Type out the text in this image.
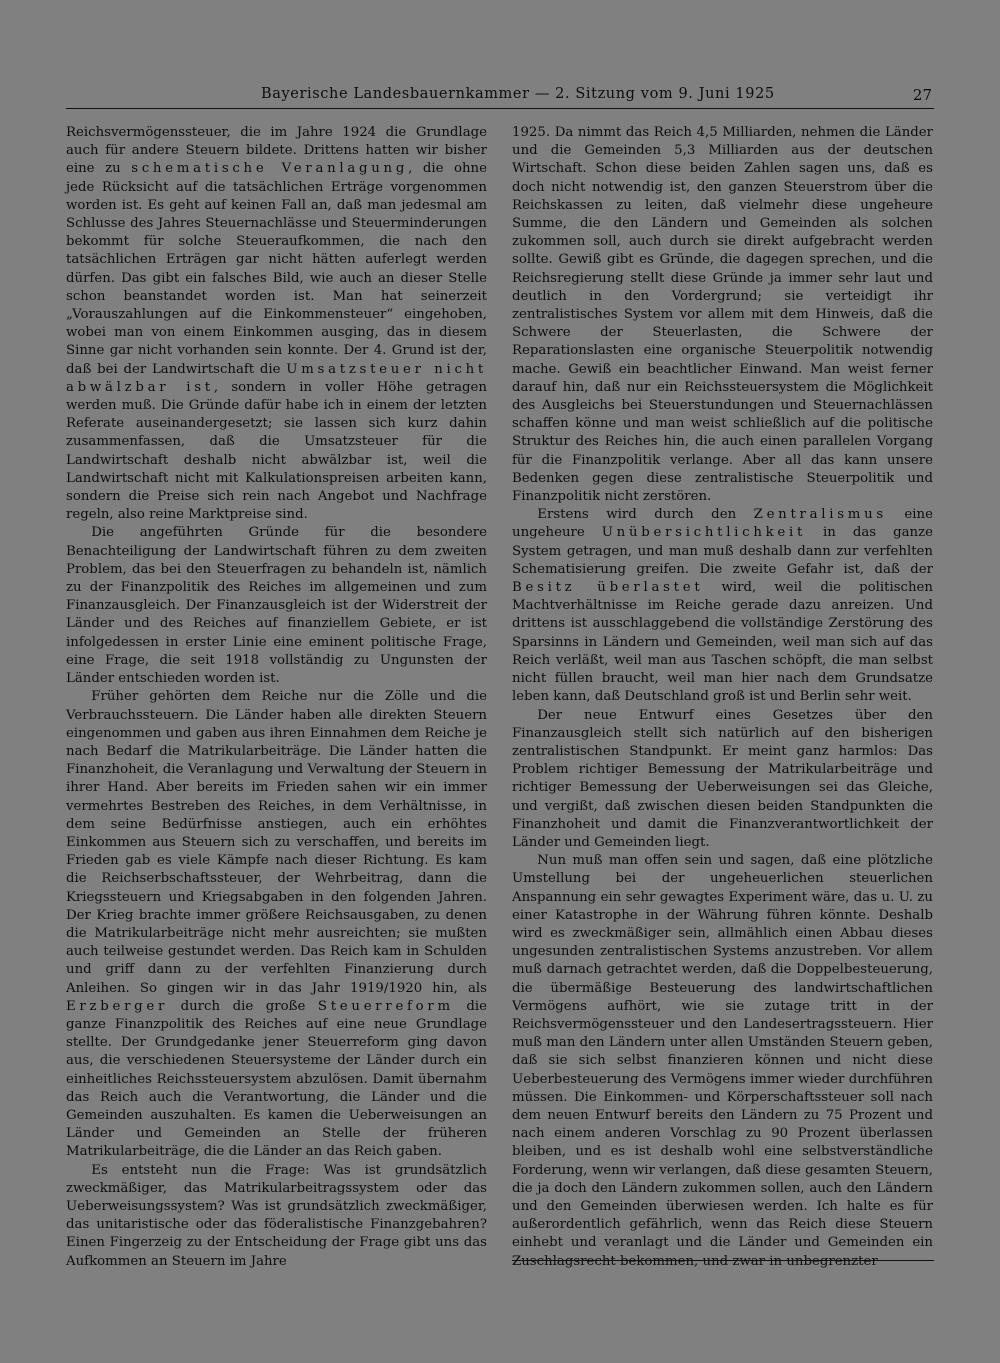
Bayerische Landesbauernkammer — 2. Sitzung vom 9. Juni 1925	27

Reichsvermögenssteuer, die im Jahre 1924 die Grundlage auch für andere Steuern bildete. Drittens hatten wir bisher eine zu schematische Veranlagung, die ohne jede Rücksicht auf die tatsächlichen Erträge vorgenommen worden ist. Es geht auf keinen Fall an, daß man jedesmal am Schlusse des Jahres Steuernachlässe und Steuerminderungen bekommt für solche Steueraufkommen, die nach den tatsächlichen Erträgen gar nicht hätten auferlegt werden dürfen. Das gibt ein falsches Bild, wie auch an dieser Stelle schon beanstandet worden ist. Man hat seinerzeit „Vorauszahlungen auf die Einkommensteuer“ eingehoben, wobei man von einem Einkommen ausging, das in diesem Sinne gar nicht vorhanden sein konnte. Der 4. Grund ist der, daß bei der Landwirtschaft die Umsatzsteuer nicht abwälzbar ist, sondern in voller Höhe getragen werden muß. Die Gründe dafür habe ich in einem der letzten Referate auseinandergesetzt; sie lassen sich kurz dahin zusammenfassen, daß die Umsatzsteuer für die Landwirtschaft deshalb nicht abwälzbar ist, weil die Landwirtschaft nicht mit Kalkulationspreisen arbeiten kann, sondern die Preise sich rein nach Angebot und Nachfrage regeln, also reine Marktpreise sind.

Die angeführten Gründe für die besondere Benachteiligung der Landwirtschaft führen zu dem zweiten Problem, das bei den Steuerfragen zu behandeln ist, nämlich zu der Finanzpolitik des Reiches im allgemeinen und zum Finanzausgleich. Der Finanzausgleich ist der Widerstreit der Länder und des Reiches auf finanziellem Gebiete, er ist infolgedessen in erster Linie eine eminent politische Frage, eine Frage, die seit 1918 vollständig zu Ungunsten der Länder entschieden worden ist.

Früher gehörten dem Reiche nur die Zölle und die Verbrauchssteuern. Die Länder haben alle direkten Steuern eingenommen und gaben aus ihren Einnahmen dem Reiche je nach Bedarf die Matrikularbeiträge. Die Länder hatten die Finanzhoheit, die Veranlagung und Verwaltung der Steuern in ihrer Hand. Aber bereits im Frieden sahen wir ein immer vermehrtes Bestreben des Reiches, in dem Verhältnisse, in dem seine Bedürfnisse anstiegen, auch ein erhöhtes Einkommen aus Steuern sich zu verschaffen, und bereits im Frieden gab es viele Kämpfe nach dieser Richtung. Es kam die Reichserbschaftssteuer, der Wehrbeitrag, dann die Kriegssteuern und Kriegsabgaben in den folgenden Jahren. Der Krieg brachte immer größere Reichsausgaben, zu denen die Matrikularbeiträge nicht mehr ausreichten; sie mußten auch teilweise gestundet werden. Das Reich kam in Schulden und griff dann zu der verfehlten Finanzierung durch Anleihen. So gingen wir in das Jahr 1919/1920 hin, als Erzberger durch die große Steuerreform die ganze Finanzpolitik des Reiches auf eine neue Grundlage stellte. Der Grundgedanke jener Steuerreform ging davon aus, die verschiedenen Steuersysteme der Länder durch ein einheitliches Reichssteuersystem abzulösen. Damit übernahm das Reich auch die Verantwortung, die Länder und die Gemeinden auszuhalten. Es kamen die Ueberweisungen an Länder und Gemeinden an Stelle der früheren Matrikularbeiträge, die die Länder an das Reich gaben.

Es entsteht nun die Frage: Was ist grundsätzlich zweckmäßiger, das Matrikularbeitragssystem oder das Ueberweisungssystem? Was ist grundsätzlich zweckmäßiger, das unitaristische oder das föderalistische Finanzgebahren? Einen Fingerzeig zu der Entscheidung der Frage gibt uns das Aufkommen an Steuern im Jahre

1925. Da nimmt das Reich 4,5 Milliarden, nehmen die Länder und die Gemeinden 5,3 Milliarden aus der deutschen Wirtschaft. Schon diese beiden Zahlen sagen uns, daß es doch nicht notwendig ist, den ganzen Steuerstrom über die Reichskassen zu leiten, daß vielmehr diese ungeheure Summe, die den Ländern und Gemeinden als solchen zukommen soll, auch durch sie direkt aufgebracht werden sollte. Gewiß gibt es Gründe, die dagegen sprechen, und die Reichsregierung stellt diese Gründe ja immer sehr laut und deutlich in den Vordergrund; sie verteidigt ihr zentralistisches System vor allem mit dem Hinweis, daß die Schwere der Steuerlasten, die Schwere der Reparationslasten eine organische Steuerpolitik notwendig mache. Gewiß ein beachtlicher Einwand. Man weist ferner darauf hin, daß nur ein Reichssteuersystem die Möglichkeit des Ausgleichs bei Steuerstundungen und Steuernachlässen schaffen könne und man weist schließlich auf die politische Struktur des Reiches hin, die auch einen parallelen Vorgang für die Finanzpolitik verlange. Aber all das kann unsere Bedenken gegen diese zentralistische Steuerpolitik und Finanzpolitik nicht zerstören.

Erstens wird durch den Zentralismus eine ungeheure Unübersichtlichkeit in das ganze System getragen, und man muß deshalb dann zur verfehlten Schematisierung greifen. Die zweite Gefahr ist, daß der Besitz überlastet wird, weil die politischen Machtverhältnisse im Reiche gerade dazu anreizen. Und drittens ist ausschlaggebend die vollständige Zerstörung des Sparsinns in Ländern und Gemeinden, weil man sich auf das Reich verläßt, weil man aus Taschen schöpft, die man selbst nicht füllen braucht, weil man hier nach dem Grundsatze leben kann, daß Deutschland groß ist und Berlin sehr weit.

Der neue Entwurf eines Gesetzes über den Finanzausgleich stellt sich natürlich auf den bisherigen zentralistischen Standpunkt. Er meint ganz harmlos: Das Problem richtiger Bemessung der Matrikularbeiträge und richtiger Bemessung der Ueberweisungen sei das Gleiche, und vergißt, daß zwischen diesen beiden Standpunkten die Finanzhoheit und damit die Finanzverantwortlichkeit der Länder und Gemeinden liegt.

Nun muß man offen sein und sagen, daß eine plötzliche Umstellung bei der ungeheuerlichen steuerlichen Anspannung ein sehr gewagtes Experiment wäre, das u. U. zu einer Katastrophe in der Währung führen könnte. Deshalb wird es zweckmäßiger sein, allmählich einen Abbau dieses ungesunden zentralistischen Systems anzustreben. Vor allem muß darnach getrachtet werden, daß die Doppelbesteuerung, die übermäßige Besteuerung des landwirtschaftlichen Vermögens aufhört, wie sie zutage tritt in der Reichsvermögenssteuer und den Landesertragssteuern. Hier muß man den Ländern unter allen Umständen Steuern geben, daß sie sich selbst finanzieren können und nicht diese Ueberbesteuerung des Vermögens immer wieder durchführen müssen. Die Einkommen- und Körperschaftssteuer soll nach dem neuen Entwurf bereits den Ländern zu 75 Prozent und nach einem anderen Vorschlag zu 90 Prozent überlassen bleiben, und es ist deshalb wohl eine selbstverständliche Forderung, wenn wir verlangen, daß diese gesamten Steuern, die ja doch den Ländern zukommen sollen, auch den Ländern und den Gemeinden überwiesen werden. Ich halte es für außerordentlich gefährlich, wenn das Reich diese Steuern einhebt und veranlagt und die Länder und Gemeinden ein Zuschlagsrecht bekommen, und zwar in unbegrenzter
